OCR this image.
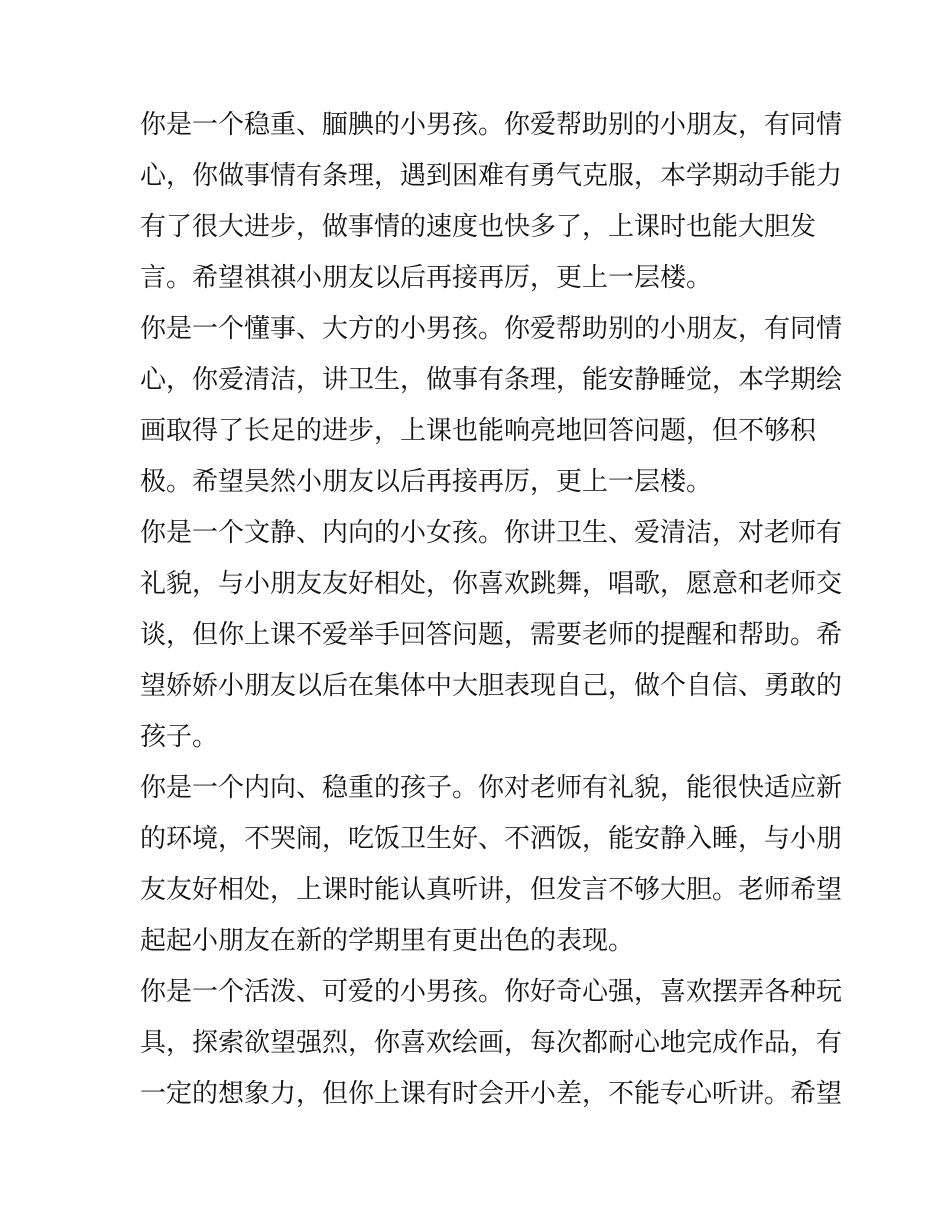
你是一个稳重、腼腆的小男孩。你爱帮助别的小朋友，有同情
心，你做事情有条理，遇到困难有勇气克服，本学期动手能力
有了很大进步，做事情的速度也快多了，上课时也能大胆发
言。希望祺祺小朋友以后再接再厉，更上一层楼。
你是一个懂事、大方的小男孩。你爱帮助别的小朋友，有同情
心，你爱清洁，讲卫生，做事有条理，能安静睡觉，本学期绘
画取得了长足的进步，上课也能响亮地回答问题，但不够积
极。希望昊然小朋友以后再接再厉，更上一层楼。
你是一个文静、内向的小女孩。你讲卫生、爱清洁，对老师有
礼貌，与小朋友友好相处，你喜欢跳舞，唱歌，愿意和老师交
谈，但你上课不爱举手回答问题，需要老师的提醒和帮助。希
望娇娇小朋友以后在集体中大胆表现自己，做个自信、勇敢的
孩子。
你是一个内向、稳重的孩子。你对老师有礼貌，能很快适应新
的环境，不哭闹，吃饭卫生好、不洒饭，能安静入睡，与小朋
友友好相处，上课时能认真听讲，但发言不够大胆。老师希望
起起小朋友在新的学期里有更出色的表现。
你是一个活泼、可爱的小男孩。你好奇心强，喜欢摆弄各种玩
具，探索欲望强烈，你喜欢绘画，每次都耐心地完成作品，有
一定的想象力，但你上课有时会开小差，不能专心听讲。希望
